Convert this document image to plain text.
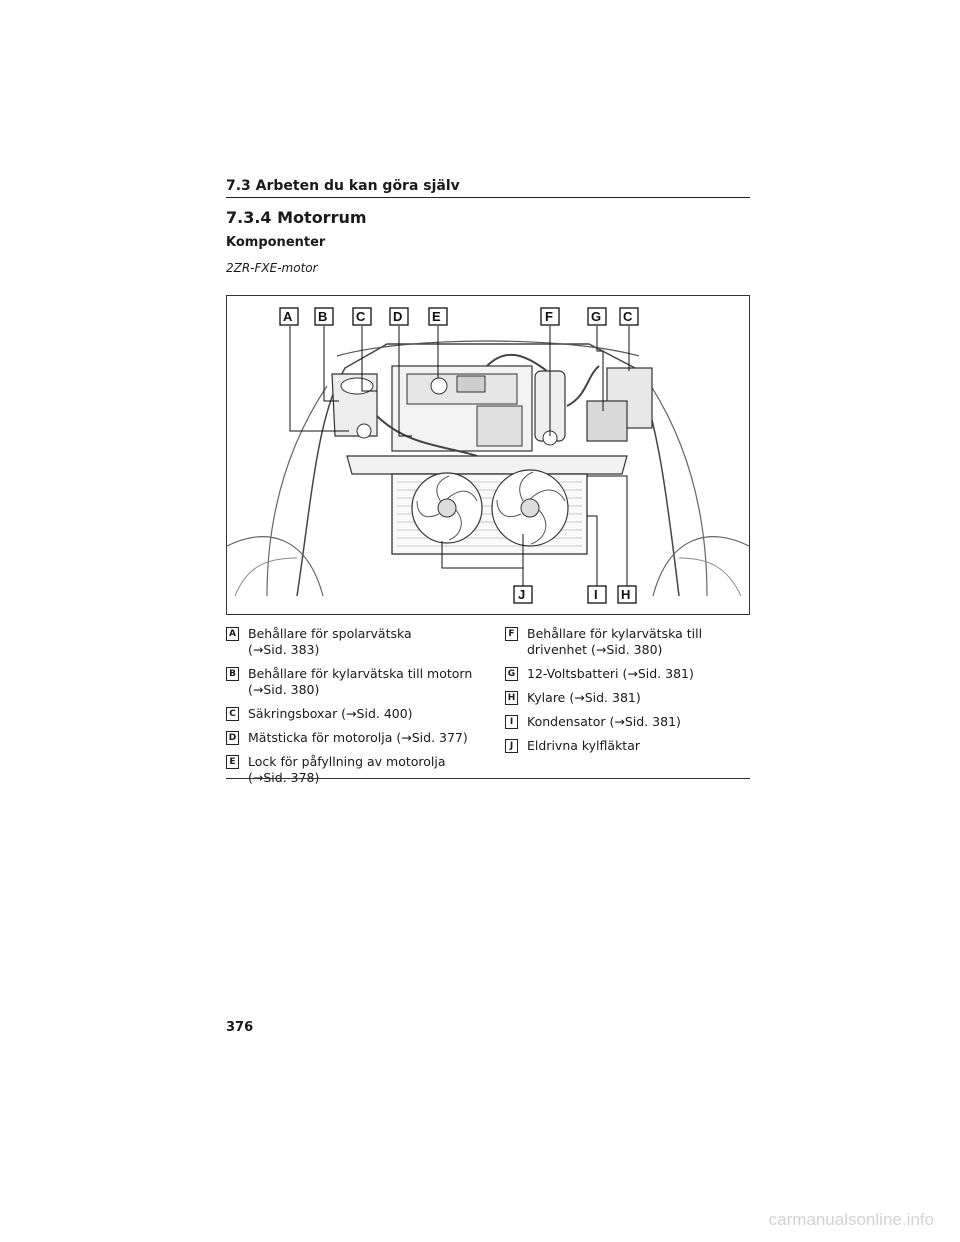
7.3 Arbeten du kan göra själv
7.3.4 Motorrum
Komponenter
2ZR-FXE-motor
A B C D E	F	G C
J	I H
A Behållare för spolarvätska
(→Sid. 383)
B Behållare för kylarvätska till motorn
(→Sid. 380)
C Säkringsboxar (→Sid. 400)
D Mätsticka för motorolja (→Sid. 377)
E Lock för påfyllning av motorolja
(→Sid. 378)
F Behållare för kylarvätska till
drivenhet (→Sid. 380)
G 12-Voltsbatteri (→Sid. 381)
H Kylare (→Sid. 381)
I	Kondensator (→Sid. 381)
J	Eldrivna kylfläktar
376
carmanualsonline.info
